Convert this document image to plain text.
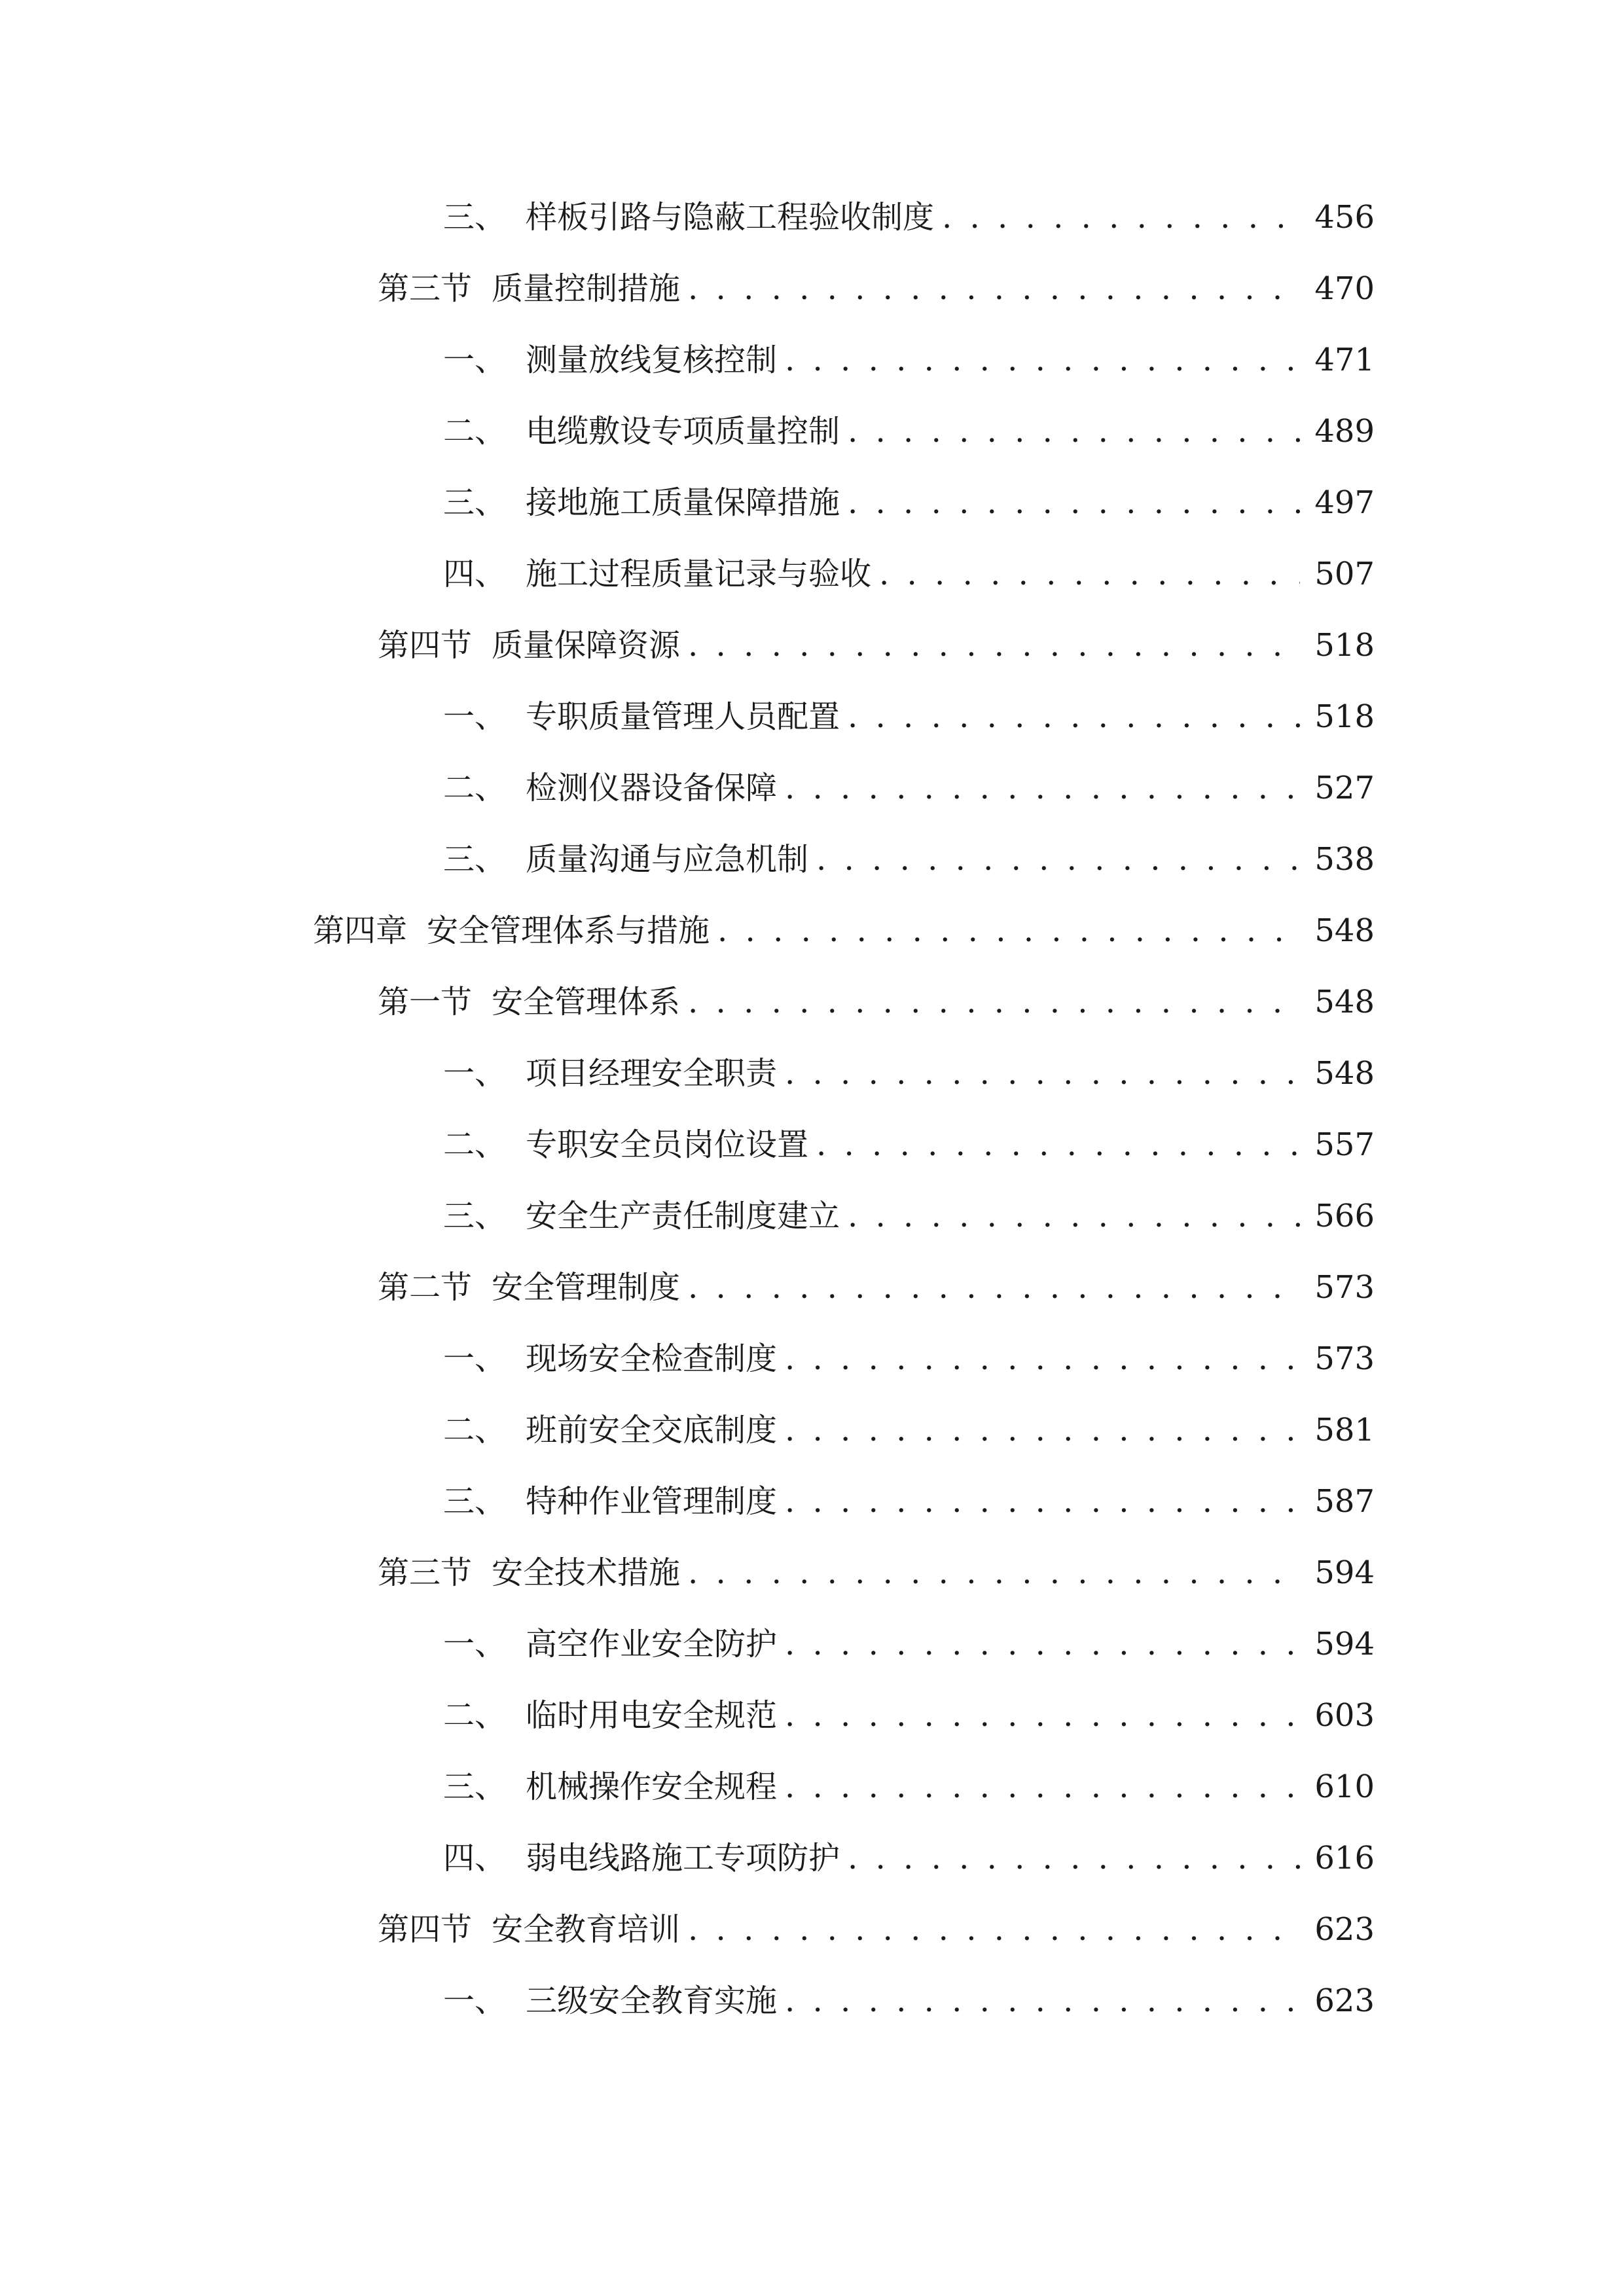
三、 样板引路与隐蔽工程验收制度 . . .	456
第三节 质量控制措施 . . .	470
一、 测量放线复核控制 . . .	471
二、 电缆敷设专项质量控制 . . .	489
三、 接地施工质量保障措施 . . .	497
四、 施工过程质量记录与验收 . . .	507
第四节 质量保障资源 . . .	518
一、 专职质量管理人员配置 . . .	518
二、 检测仪器设备保障 . . .	527
三、 质量沟通与应急机制 . . .	538
第四章 安全管理体系与措施 . . .	548
第一节 安全管理体系 . . .	548
一、 项目经理安全职责 . . .	548
二、 专职安全员岗位设置 . . .	557
三、 安全生产责任制度建立 . . .	566
第二节 安全管理制度 . . .	573
一、 现场安全检查制度 . . .	573
二、 班前安全交底制度 . . .	581
三、 特种作业管理制度 . . .	587
第三节 安全技术措施 . . .	594
一、 高空作业安全防护 . . .	594
二、 临时用电安全规范 . . .	603
三、 机械操作安全规程 . . .	610
四、 弱电线路施工专项防护 . . .	616
第四节 安全教育培训 . . .	623
一、 三级安全教育实施 . . .	623
